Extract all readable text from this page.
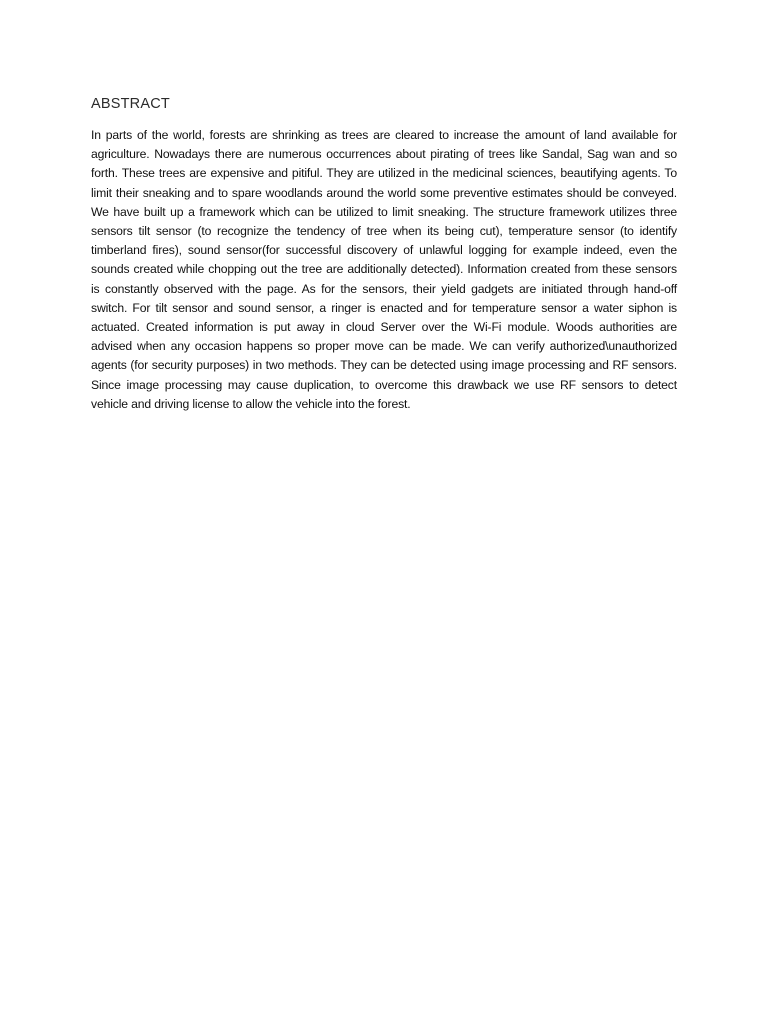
ABSTRACT

In parts of the world, forests are shrinking as trees are cleared to increase the amount of land available for agriculture. Nowadays there are numerous occurrences about pirating of trees like Sandal, Sag wan and so forth. These trees are expensive and pitiful. They are utilized in the medicinal sciences, beautifying agents. To limit their sneaking and to spare woodlands around the world some preventive estimates should be conveyed. We have built up a framework which can be utilized to limit sneaking. The structure framework utilizes three sensors tilt sensor (to recognize the tendency of tree when its being cut), temperature sensor (to identify timberland fires), sound sensor(for successful discovery of unlawful logging for example indeed, even the sounds created while chopping out the tree are additionally detected). Information created from these sensors is constantly observed with the page. As for the sensors, their yield gadgets are initiated through hand-off switch. For tilt sensor and sound sensor, a ringer is enacted and for temperature sensor a water siphon is actuated. Created information is put away in cloud Server over the Wi-Fi module. Woods authorities are advised when any occasion happens so proper move can be made. We can verify authorized\unauthorized agents (for security purposes) in two methods. They can be detected using image processing and RF sensors. Since image processing may cause duplication, to overcome this drawback we use RF sensors to detect vehicle and driving license to allow the vehicle into the forest.
